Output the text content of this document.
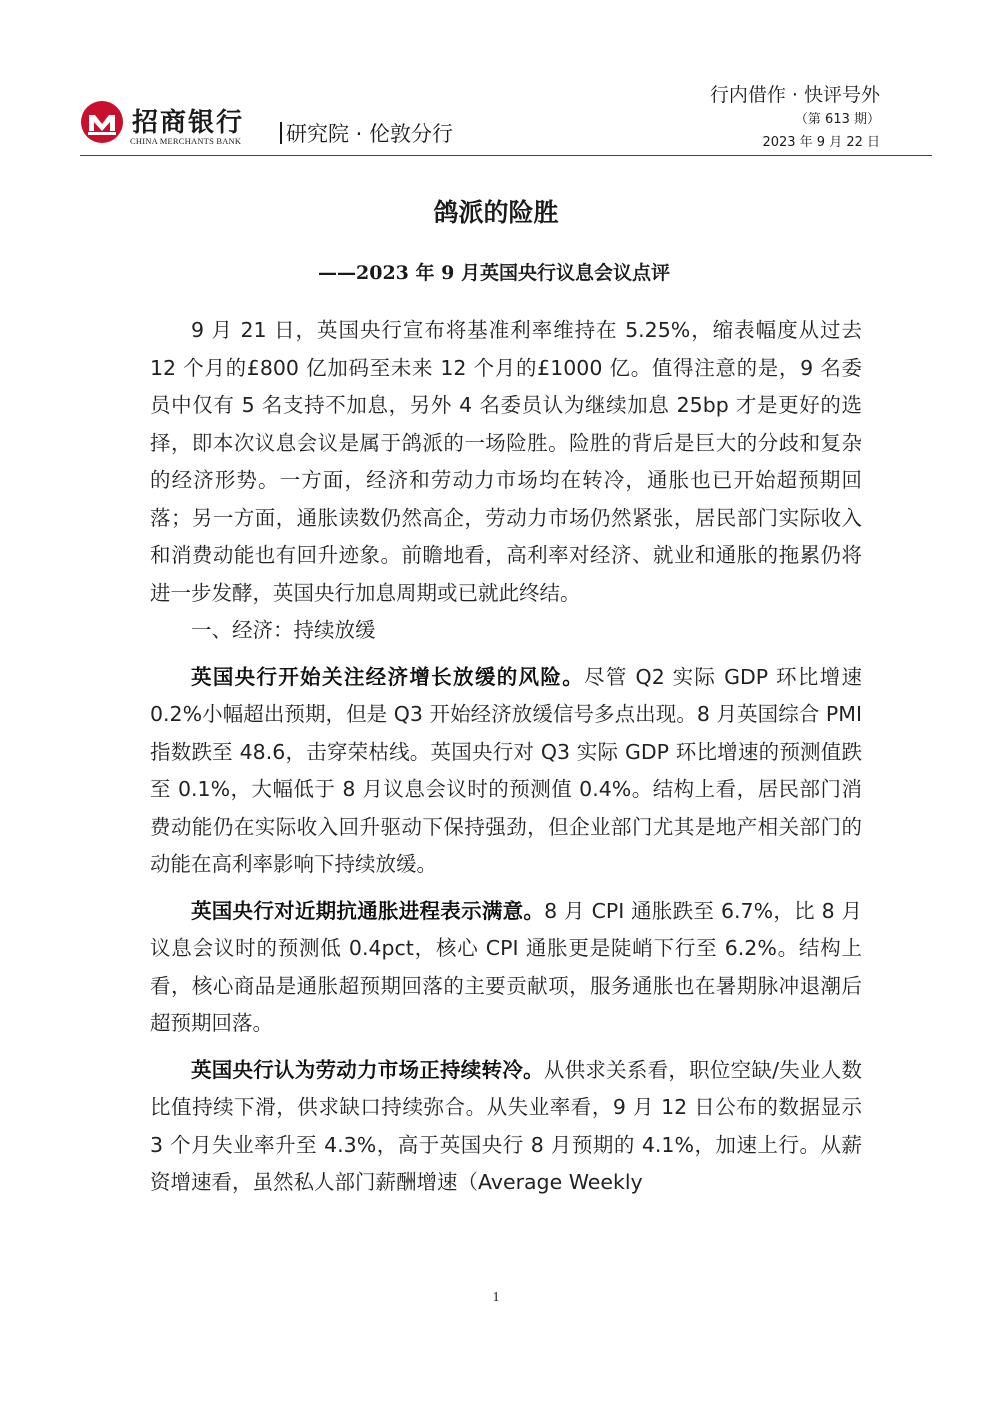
招商银行
CHINA MERCHANTS BANK 研究院 · 伦敦分行
行内借作 · 快评号外
（第 613 期）
2023 年 9 月 22 日
鸽派的险胜
——2023 年 9 月英国央行议息会议点评

9 月 21 日，英国央行宣布将基准利率维持在 5.25%，缩表幅度从过去 12 个月的£800 亿加码至未来 12 个月的£1000 亿。值得注意的是，9 名委员中仅有 5 名支持不加息，另外 4 名委员认为继续加息 25bp 才是更好的选择，即本次议息会议是属于鸽派的一场险胜。险胜的背后是巨大的分歧和复杂的经济形势。一方面，经济和劳动力市场均在转冷，通胀也已开始超预期回落；另一方面，通胀读数仍然高企，劳动力市场仍然紧张，居民部门实际收入和消费动能也有回升迹象。前瞻地看，高利率对经济、就业和通胀的拖累仍将进一步发酵，英国央行加息周期或已就此终结。

一、经济：持续放缓

英国央行开始关注经济增长放缓的风险。尽管 Q2 实际 GDP 环比增速 0.2%小幅超出预期，但是 Q3 开始经济放缓信号多点出现。8 月英国综合 PMI 指数跌至 48.6，击穿荣枯线。英国央行对 Q3 实际 GDP 环比增速的预测值跌至 0.1%，大幅低于 8 月议息会议时的预测值 0.4%。结构上看，居民部门消费动能仍在实际收入回升驱动下保持强劲，但企业部门尤其是地产相关部门的动能在高利率影响下持续放缓。

英国央行对近期抗通胀进程表示满意。8 月 CPI 通胀跌至 6.7%，比 8 月议息会议时的预测低 0.4pct，核心 CPI 通胀更是陡峭下行至 6.2%。结构上看，核心商品是通胀超预期回落的主要贡献项，服务通胀也在暑期脉冲退潮后超预期回落。

英国央行认为劳动力市场正持续转冷。从供求关系看，职位空缺/失业人数比值持续下滑，供求缺口持续弥合。从失业率看，9 月 12 日公布的数据显示 3 个月失业率升至 4.3%，高于英国央行 8 月预期的 4.1%，加速上行。从薪资增速看，虽然私人部门薪酬增速（Average Weekly

1
